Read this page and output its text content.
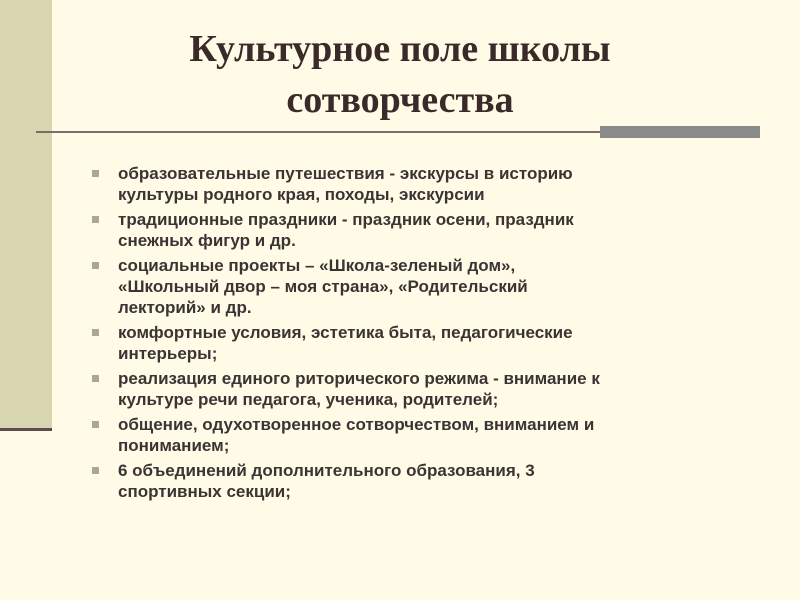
Культурное поле школы
сотворчества
образовательные путешествия - экскурсы в историю
культуры родного края, походы, экскурсии
традиционные праздники - праздник осени, праздник
снежных фигур и др.
социальные проекты – «Школа-зеленый дом»,
«Школьный двор – моя страна», «Родительский
лекторий» и др.
комфортные условия, эстетика быта, педагогические
интерьеры;
реализация единого риторического режима - внимание к
культуре речи педагога, ученика, родителей;
общение, одухотворенное сотворчеством, вниманием и
пониманием;
6 объединений дополнительного образования, 3
спортивных секции;
